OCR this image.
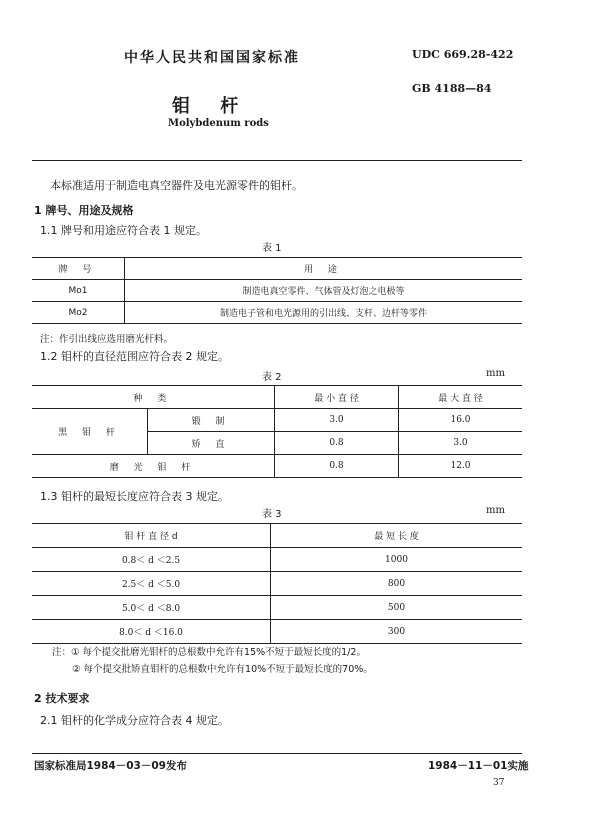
中华人民共和国国家标准	UDC 669.28-422
GB 4188—84
钼 杆
Molybdenum rods
本标准适用于制造电真空器件及电光源零件的钼杆。
1 牌号、用途及规格
1.1 牌号和用途应符合表 1 规定。
表 1
牌 号	用 途
Mo1	制造电真空零件、气体管及灯泡之电极等
Mo2	制造电子管和电光源用的引出线、支杆、边杆等零件
注：作引出线应选用磨光杆料。
1.2 钼杆的直径范围应符合表 2 规定。
表 2	mm
种 类		最 小 直 径	最 大 直 径
黑 钼 杆	锻 制	3.0	16.0
	矫 直	0.8	3.0
磨 光 钼 杆		0.8	12.0
1.3 钼杆的最短长度应符合表 3 规定。
表 3	mm
钼 杆 直 径 d	最 短 长 度
0.8＜ d ＜2.5	1000
2.5＜ d ＜5.0	800
5.0＜ d ＜8.0	500
8.0＜ d ＜16.0	300
注：① 每个提交批磨光钼杆的总根数中允许有15%不短于最短长度的1/2。
② 每个提交批矫直钼杆的总根数中允许有10%不短于最短长度的70%。
2 技术要求
2.1 钼杆的化学成分应符合表 4 规定。
国家标准局1984－03－09发布	1984－11－01实施
37
